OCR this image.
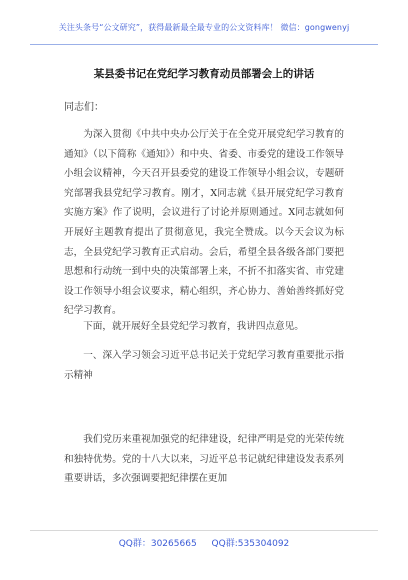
关注头条号“公文研究”，获得最新最全最专业的公文资料库！ 微信：gongwenyj
某县委书记在党纪学习教育动员部署会上的讲话
同志们：
为深入贯彻《中共中央办公厅关于在全党开展党纪学习教育的通知》（以下简称《通知》）和中央、省委、市委党的建设工作领导小组会议精神，今天召开县委党的建设工作领导小组会议，专题研究部署我县党纪学习教育。刚才，X同志就《县开展党纪学习教育实施方案》作了说明，会议进行了讨论并原则通过。X同志就如何开展好主题教育提出了贯彻意见，我完全赞成。以今天会议为标志，全县党纪学习教育正式启动。会后，希望全县各级各部门要把思想和行动统一到中央的决策部署上来，不折不扣落实省、市党建设工作领导小组会议要求，精心组织，齐心协力、善始善终抓好党纪学习教育。
下面，就开展好全县党纪学习教育，我讲四点意见。
一、深入学习领会习近平总书记关于党纪学习教育重要批示指示精神
我们党历来重视加强党的纪律建设，纪律严明是党的光荣传统和独特优势。党的十八大以来，习近平总书记就纪律建设发表系列重要讲话，多次强调要把纪律摆在更加
QQ群：30265665 QQ群:535304092
